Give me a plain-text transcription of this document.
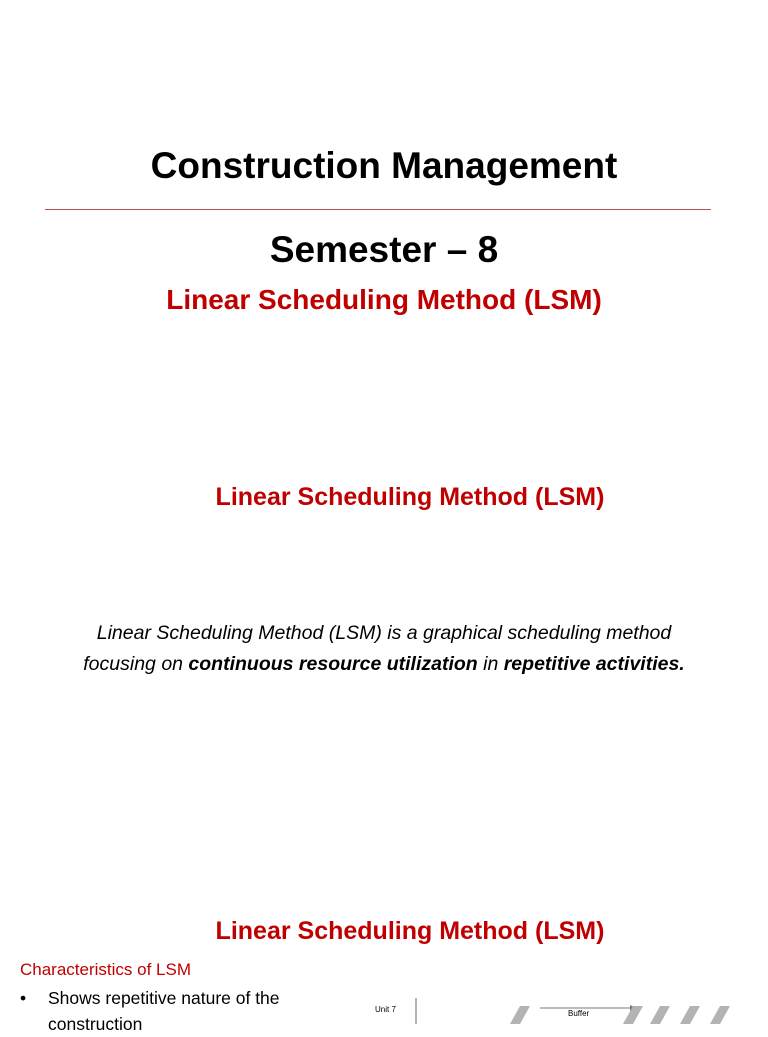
Construction Management
Semester – 8
Linear Scheduling Method (LSM)
Linear Scheduling Method (LSM)
Linear Scheduling Method (LSM) is a graphical scheduling method
focusing on continuous resource utilization in repetitive activities.
Linear Scheduling Method (LSM)
Characteristics of LSM
•	Shows repetitive nature of the
construction
Unit 7	Buffer
